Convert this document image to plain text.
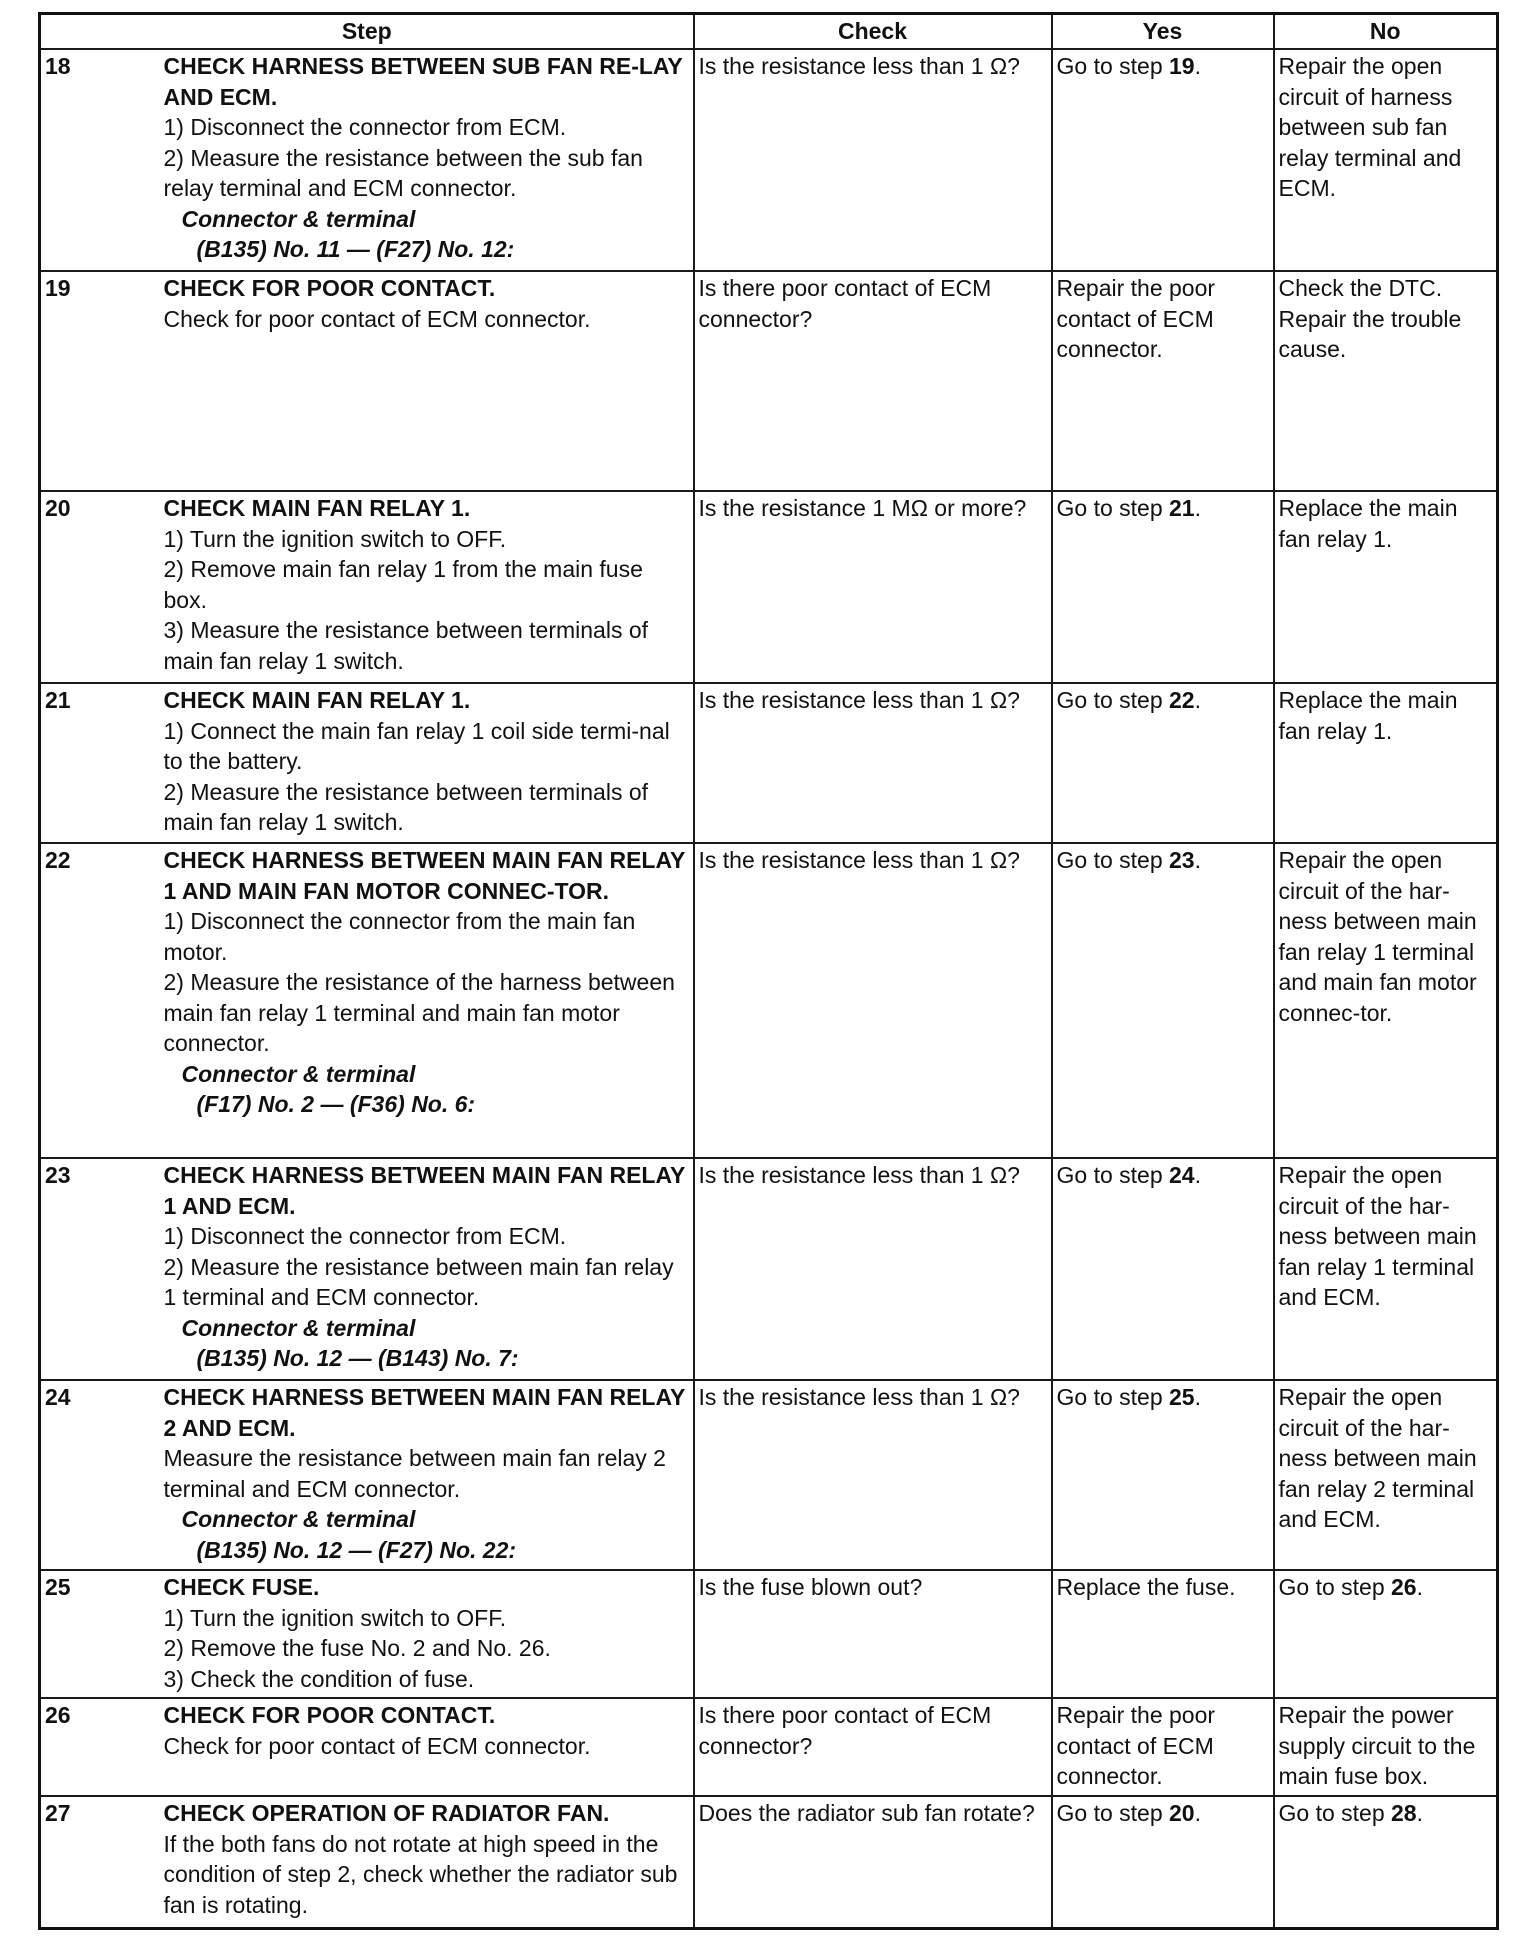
Step		Check	Yes	No
18	CHECK HARNESS BETWEEN SUB FAN RE-LAY AND ECM.
1) Disconnect the connector from ECM.
2) Measure the resistance between the sub fan relay terminal and ECM connector.
Connector & terminal
(B135) No. 11 — (F27) No. 12:	Is the resistance less than 1 Ω?	Go to step 19.	Repair the open circuit of harness between sub fan relay terminal and ECM.
19	CHECK FOR POOR CONTACT.
Check for poor contact of ECM connector.	Is there poor contact of ECM connector?	Repair the poor contact of ECM connector.	Check the DTC. Repair the trouble cause.
20	CHECK MAIN FAN RELAY 1.
1) Turn the ignition switch to OFF.
2) Remove main fan relay 1 from the main fuse box.
3) Measure the resistance between terminals of main fan relay 1 switch.	Is the resistance 1 MΩ or more?	Go to step 21.	Replace the main fan relay 1.
21	CHECK MAIN FAN RELAY 1.
1) Connect the main fan relay 1 coil side termi-nal to the battery.
2) Measure the resistance between terminals of main fan relay 1 switch.	Is the resistance less than 1 Ω?	Go to step 22.	Replace the main fan relay 1.
22	CHECK HARNESS BETWEEN MAIN FAN RELAY 1 AND MAIN FAN MOTOR CONNEC-TOR.
1) Disconnect the connector from the main fan motor.
2) Measure the resistance of the harness between main fan relay 1 terminal and main fan motor connector.
Connector & terminal
(F17) No. 2 — (F36) No. 6:	Is the resistance less than 1 Ω?	Go to step 23.	Repair the open circuit of the har-ness between main fan relay 1 terminal and main fan motor connec-tor.
23	CHECK HARNESS BETWEEN MAIN FAN RELAY 1 AND ECM.
1) Disconnect the connector from ECM.
2) Measure the resistance between main fan relay 1 terminal and ECM connector.
Connector & terminal
(B135) No. 12 — (B143) No. 7:	Is the resistance less than 1 Ω?	Go to step 24.	Repair the open circuit of the har-ness between main fan relay 1 terminal and ECM.
24	CHECK HARNESS BETWEEN MAIN FAN RELAY 2 AND ECM.
Measure the resistance between main fan relay 2 terminal and ECM connector.
Connector & terminal
(B135) No. 12 — (F27) No. 22:	Is the resistance less than 1 Ω?	Go to step 25.	Repair the open circuit of the har-ness between main fan relay 2 terminal and ECM.
25	CHECK FUSE.
1) Turn the ignition switch to OFF.
2) Remove the fuse No. 2 and No. 26.
3) Check the condition of fuse.	Is the fuse blown out?	Replace the fuse.	Go to step 26.
26	CHECK FOR POOR CONTACT.
Check for poor contact of ECM connector.	Is there poor contact of ECM connector?	Repair the poor contact of ECM connector.	Repair the power supply circuit to the main fuse box.
27	CHECK OPERATION OF RADIATOR FAN.
If the both fans do not rotate at high speed in the condition of step 2, check whether the radiator sub fan is rotating.	Does the radiator sub fan rotate?	Go to step 20.	Go to step 28.
